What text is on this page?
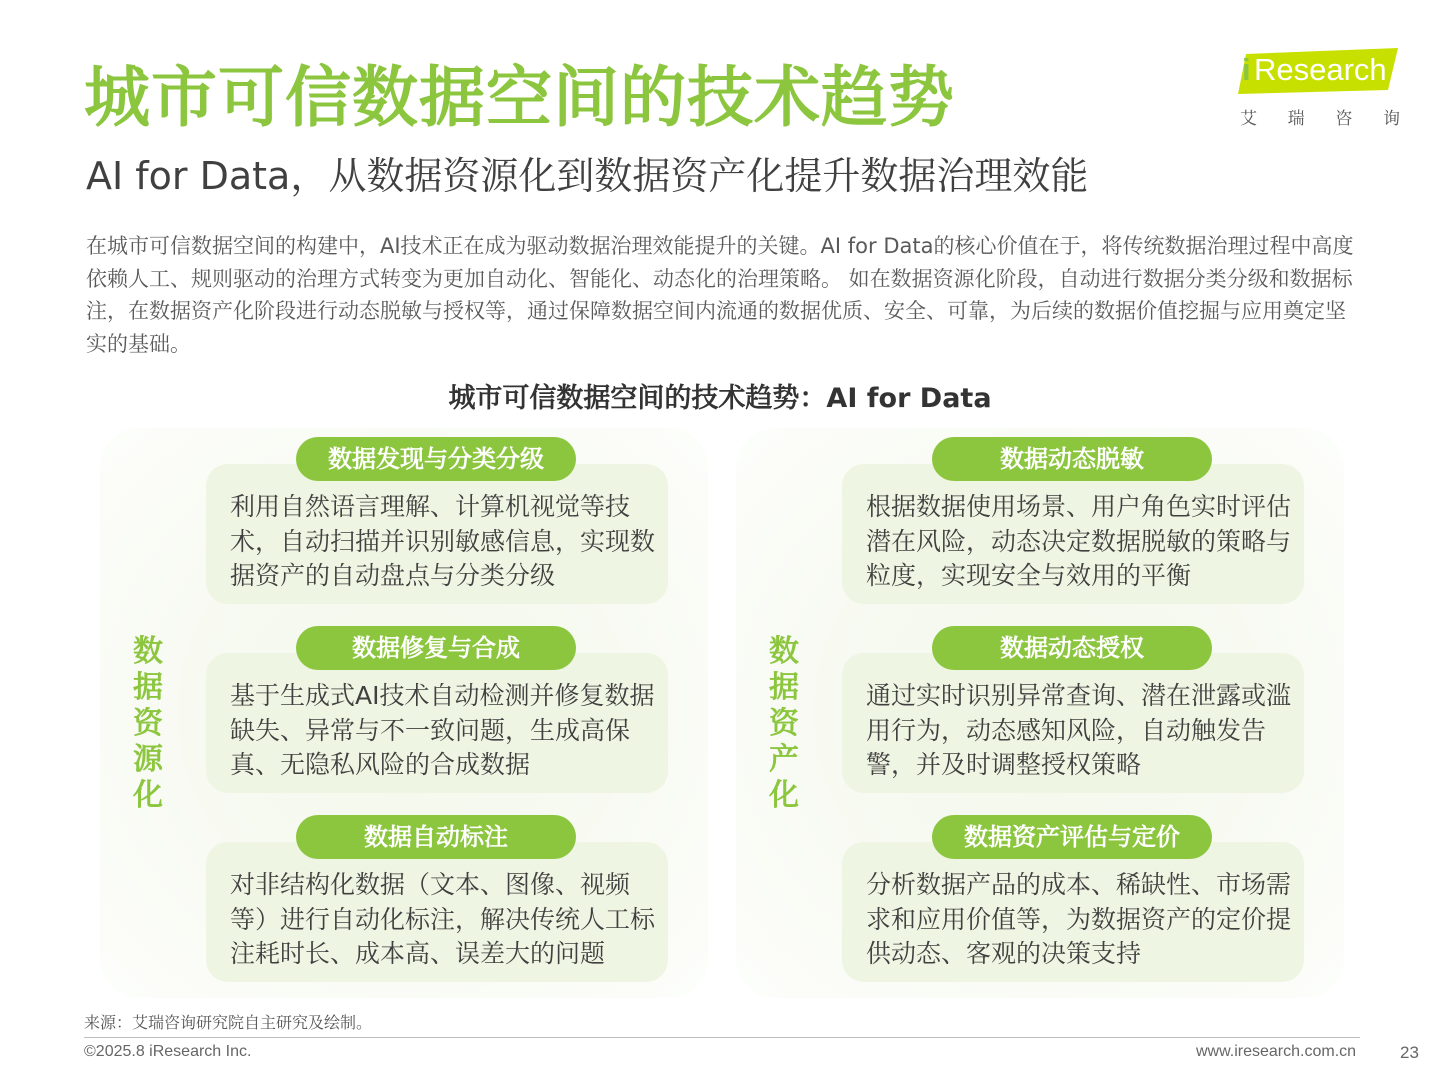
城市可信数据空间的技术趋势
AI for Data，从数据资源化到数据资产化提升数据治理效能
i Research
艾 瑞 咨 询

在城市可信数据空间的构建中，AI技术正在成为驱动数据治理效能提升的关键。AI for Data的核心价值在于，将传统数据治理过程中高度依赖人工、规则驱动的治理方式转变为更加自动化、智能化、动态化的治理策略。 如在数据资源化阶段，自动进行数据分类分级和数据标注，在数据资产化阶段进行动态脱敏与授权等，通过保障数据空间内流通的数据优质、安全、可靠，为后续的数据价值挖掘与应用奠定坚实的基础。

城市可信数据空间的技术趋势：AI for Data
数
据
资
源
化

利用自然语言理解、计算机视觉等技术，自动扫描并识别敏感信息，实现数据资产的自动盘点与分类分级

数据发现与分类分级

基于生成式AI技术自动检测并修复数据缺失、异常与不一致问题，生成高保真、无隐私风险的合成数据

数据修复与合成

对非结构化数据（文本、图像、视频等）进行自动化标注，解决传统人工标注耗时长、成本高、误差大的问题

数据自动标注
数
据
资
产
化

根据数据使用场景、用户角色实时评估潜在风险，动态决定数据脱敏的策略与粒度，实现安全与效用的平衡

数据动态脱敏

通过实时识别异常查询、潜在泄露或滥用行为，动态感知风险，自动触发告警，并及时调整授权策略

数据动态授权

分析数据产品的成本、稀缺性、市场需求和应用价值等，为数据资产的定价提供动态、客观的决策支持

数据资产评估与定价
来源：艾瑞咨询研究院自主研究及绘制。
©2025.8 iResearch Inc.	www.iresearch.com.cn	23
